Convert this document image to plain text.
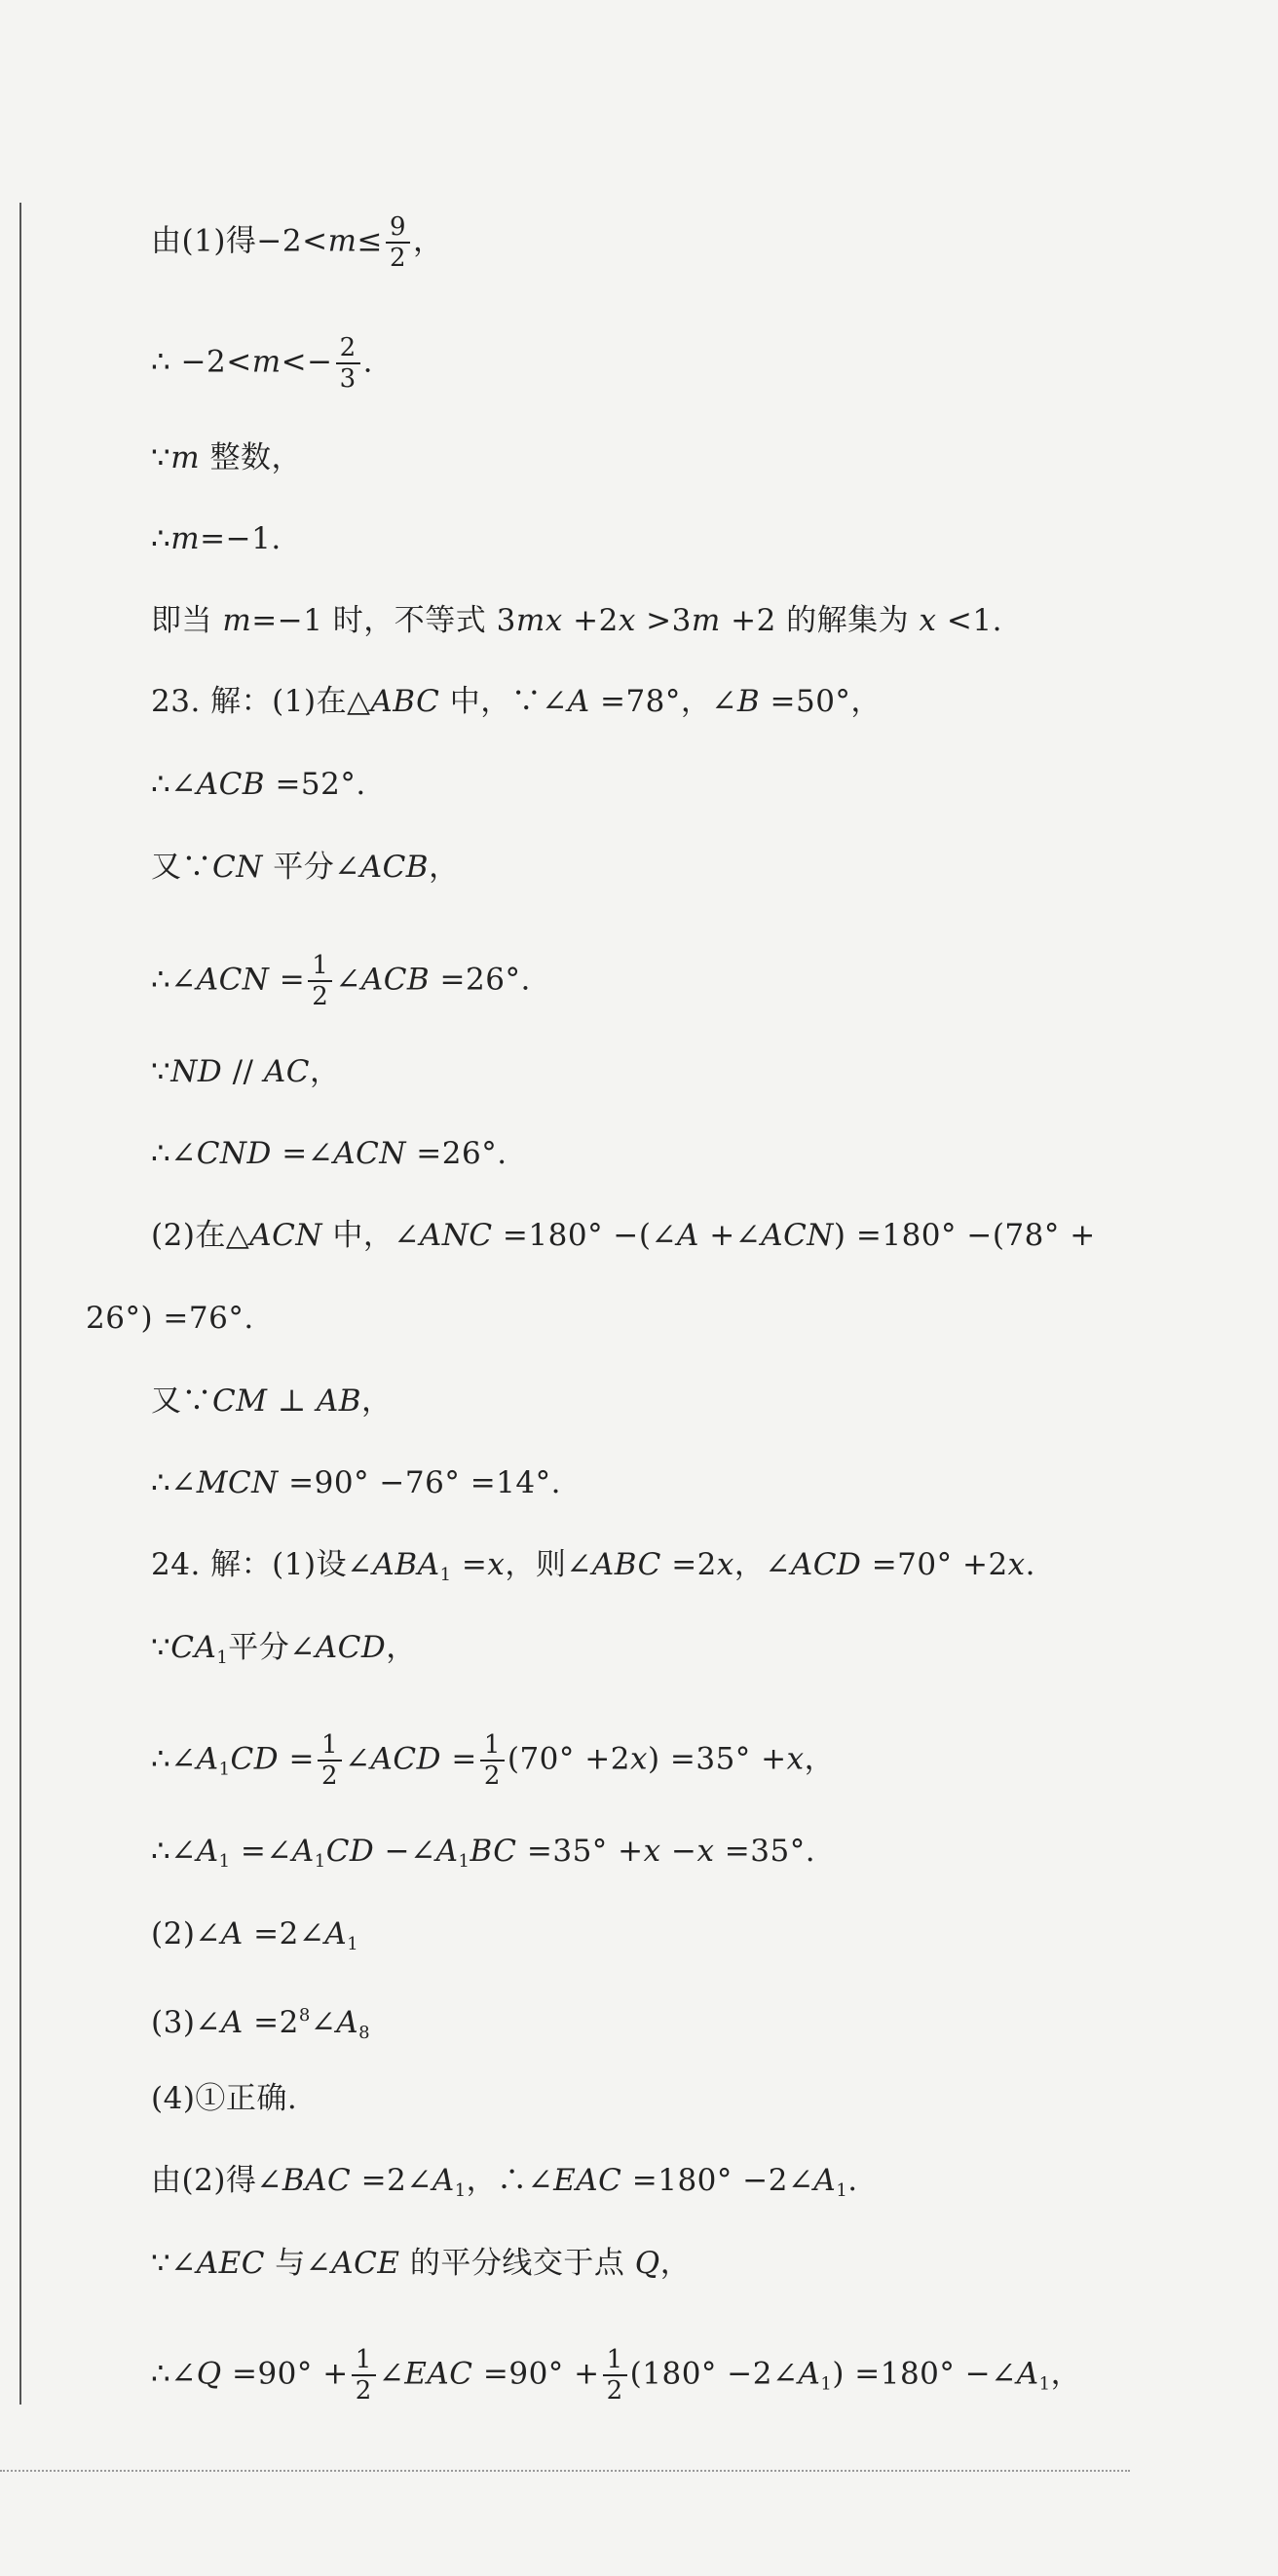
由(1)得$-2<m\le \frac{9}{2}$ ，
∴ $-2<m<- \frac{2}{3}$ .
∵m 整数，
∴m=−1.
即当 m=−1 时，不等式 3mx +2x >3m +2 的解集为 x <1.
23. 解：(1)在△ABC 中，∵∠A =78°，∠B =50°，
∴∠ACB =52°.
又∵CN 平分∠ACB，
∴∠ACN = $\frac{1}{2}$ ∠ACB =26°.
∵ND // AC，
∴∠CND =∠ACN =26°.
(2)在△ACN 中，∠ANC =180° −(∠A +∠ACN) =180° −(78° +
26°) =76°.
又∵CM ⊥ AB，
∴∠MCN =90° −76° =14°.
24. 解：(1)设$\angle ABA_1 =x$，则∠ABC =2x，∠ACD =70° +2x.
$\because CA_1$平分∠ACD，
$\therefore\angle A_1CD = \frac{1}{2}$ ∠ACD = $\frac{1}{2} (70^\circ +2x) =35^\circ +x$，
$\therefore\angle A_1$ $=\angle A_1CD$ $-\angle A_1BC =35^\circ +x -x =35^\circ$.
(2)∠A $=2\angle A_1$
(3)∠A $=2^8\angle A_8$
(4)①正确.
由(2)得∠BAC $=2\angle A_1$，∴∠EAC $=180^\circ -2\angle A_1$.
∵∠AEC 与∠ACE 的平分线交于点 Q，
∴∠Q $=90^\circ + \frac{1}{2}$ ∠EAC $=90^\circ + \frac{1}{2} (180^\circ$ $-2\angle A_1) =180^\circ$ $-\angle A_1$，
